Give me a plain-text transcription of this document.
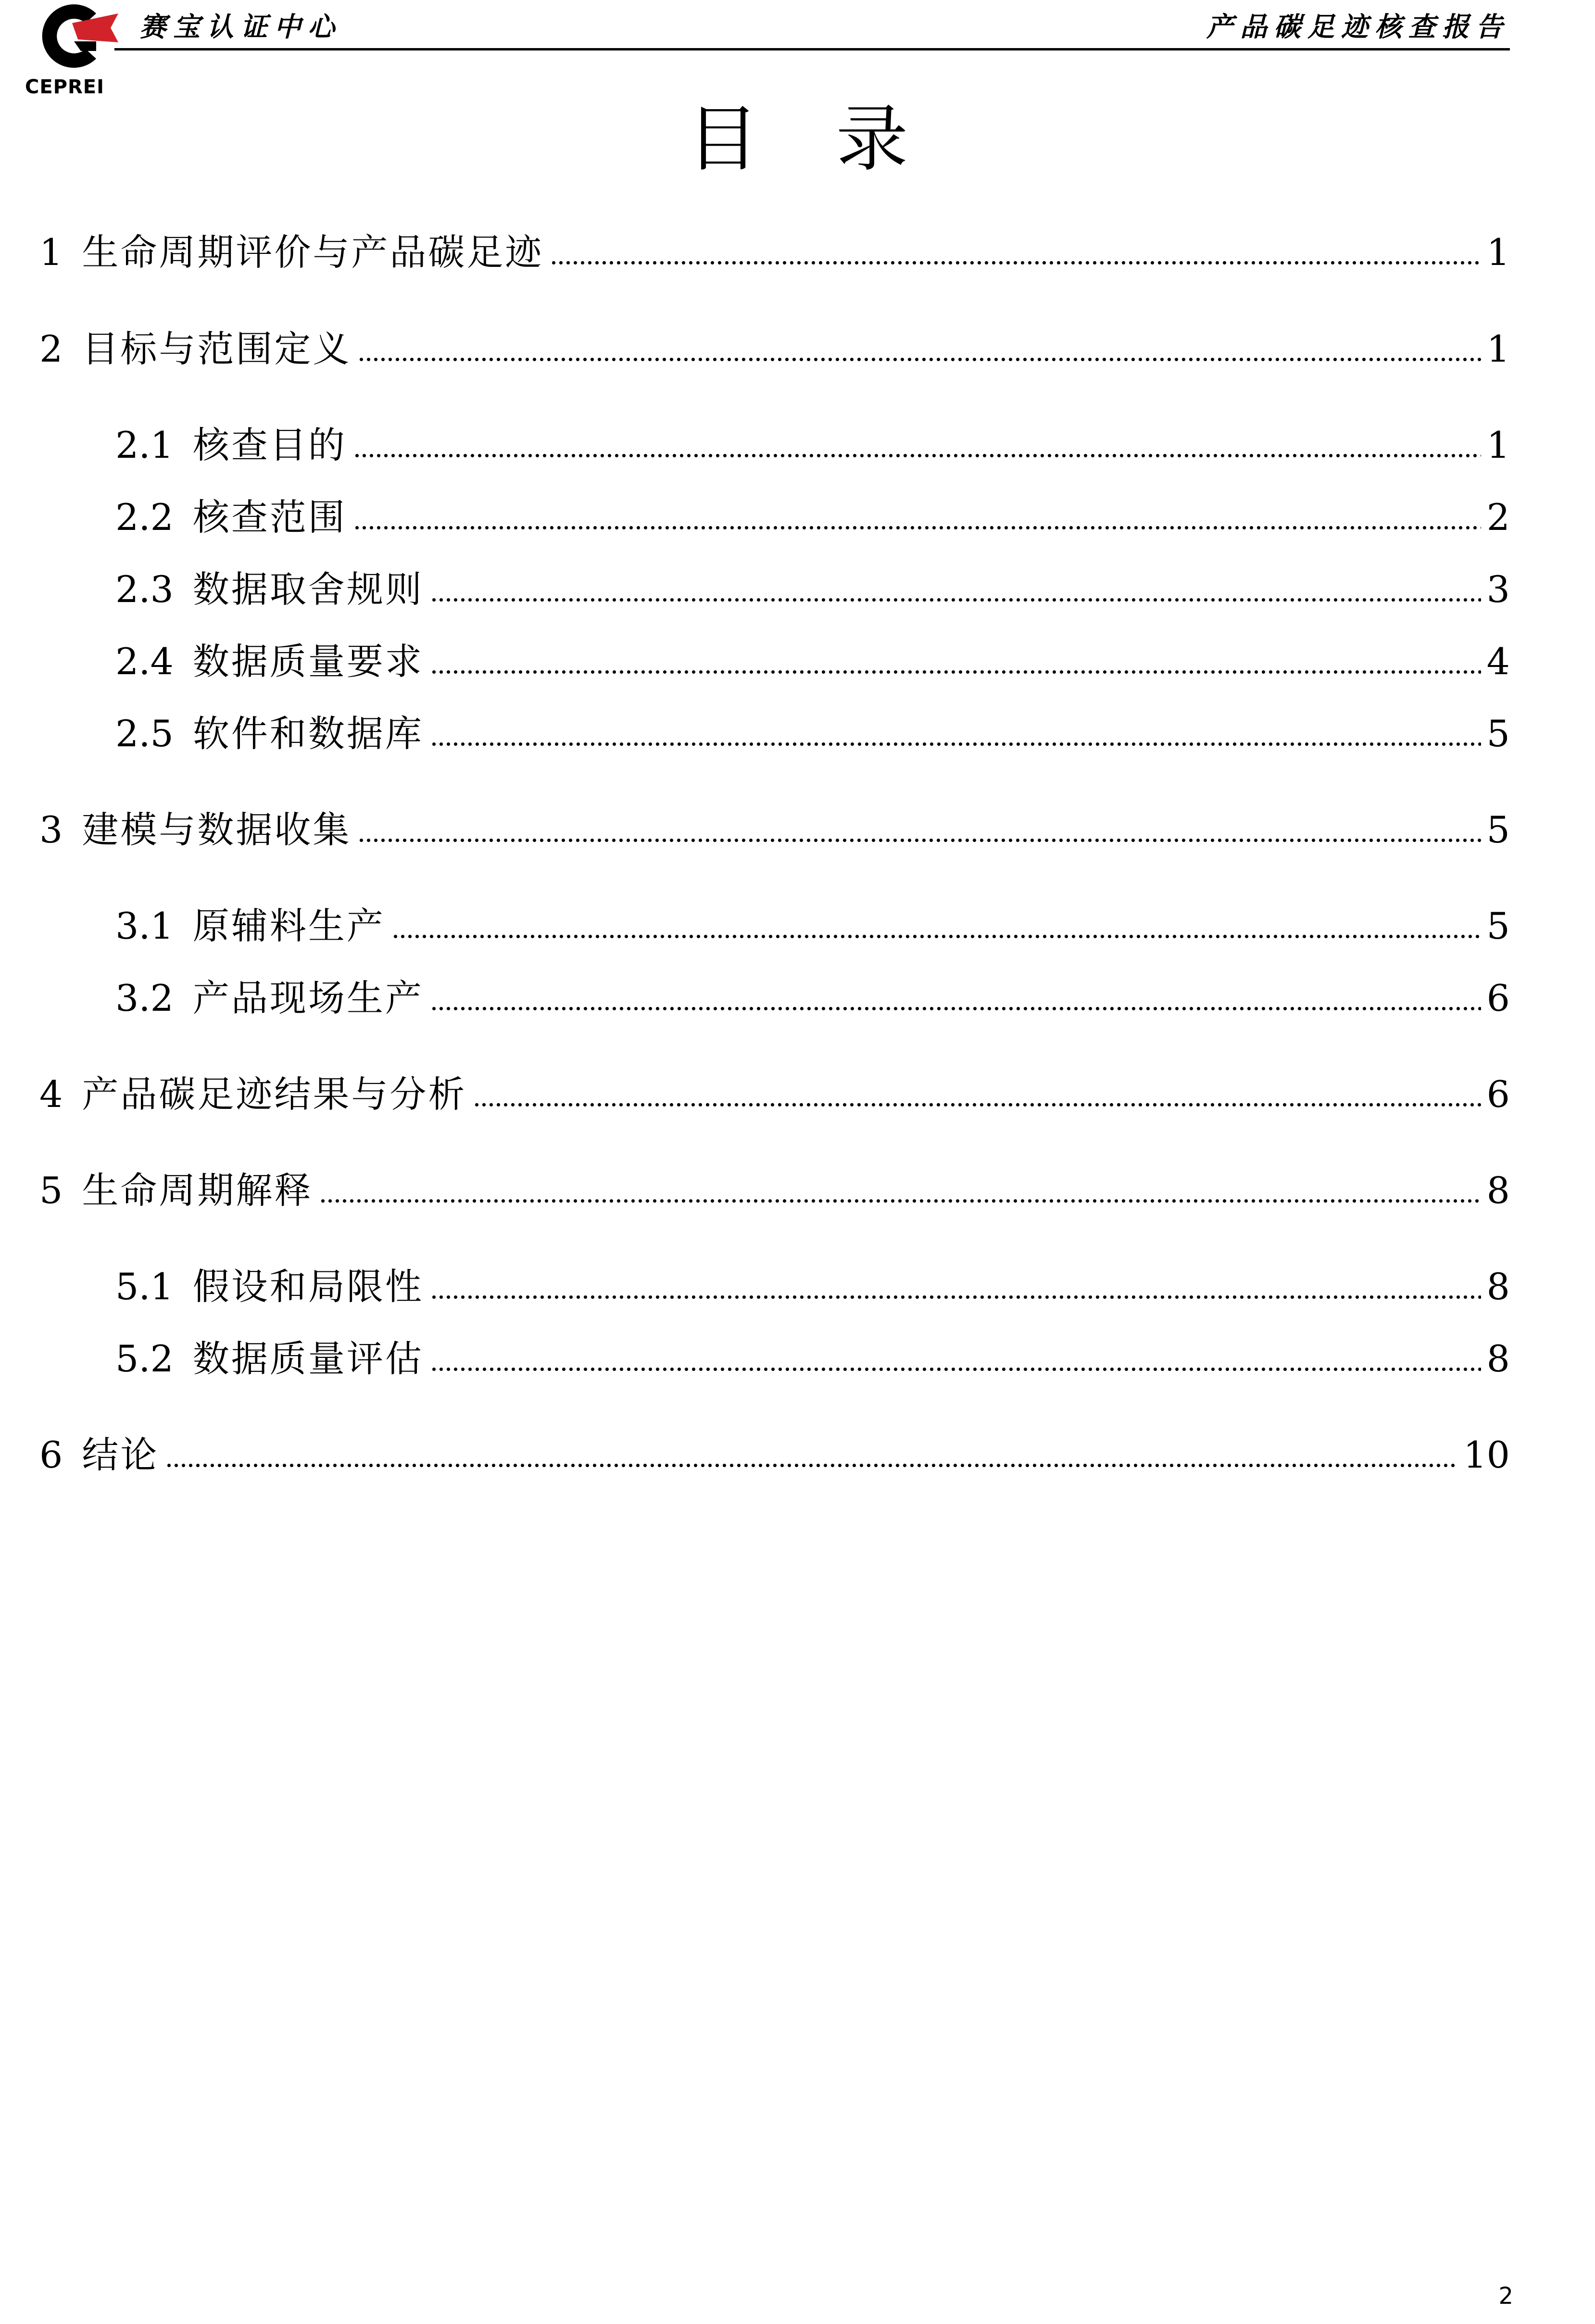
CEPREI
赛宝认证中心	产品碳足迹核查报告
目录
1 生命周期评价与产品碳足迹	1
2 目标与范围定义	1
2.1 核查目的	1
2.2 核查范围	2
2.3 数据取舍规则	3
2.4 数据质量要求	4
2.5 软件和数据库	5
3 建模与数据收集	5
3.1 原辅料生产	5
3.2 产品现场生产	6
4 产品碳足迹结果与分析	6
5 生命周期解释	8
5.1 假设和局限性	8
5.2 数据质量评估	8
6 结论	10
2
